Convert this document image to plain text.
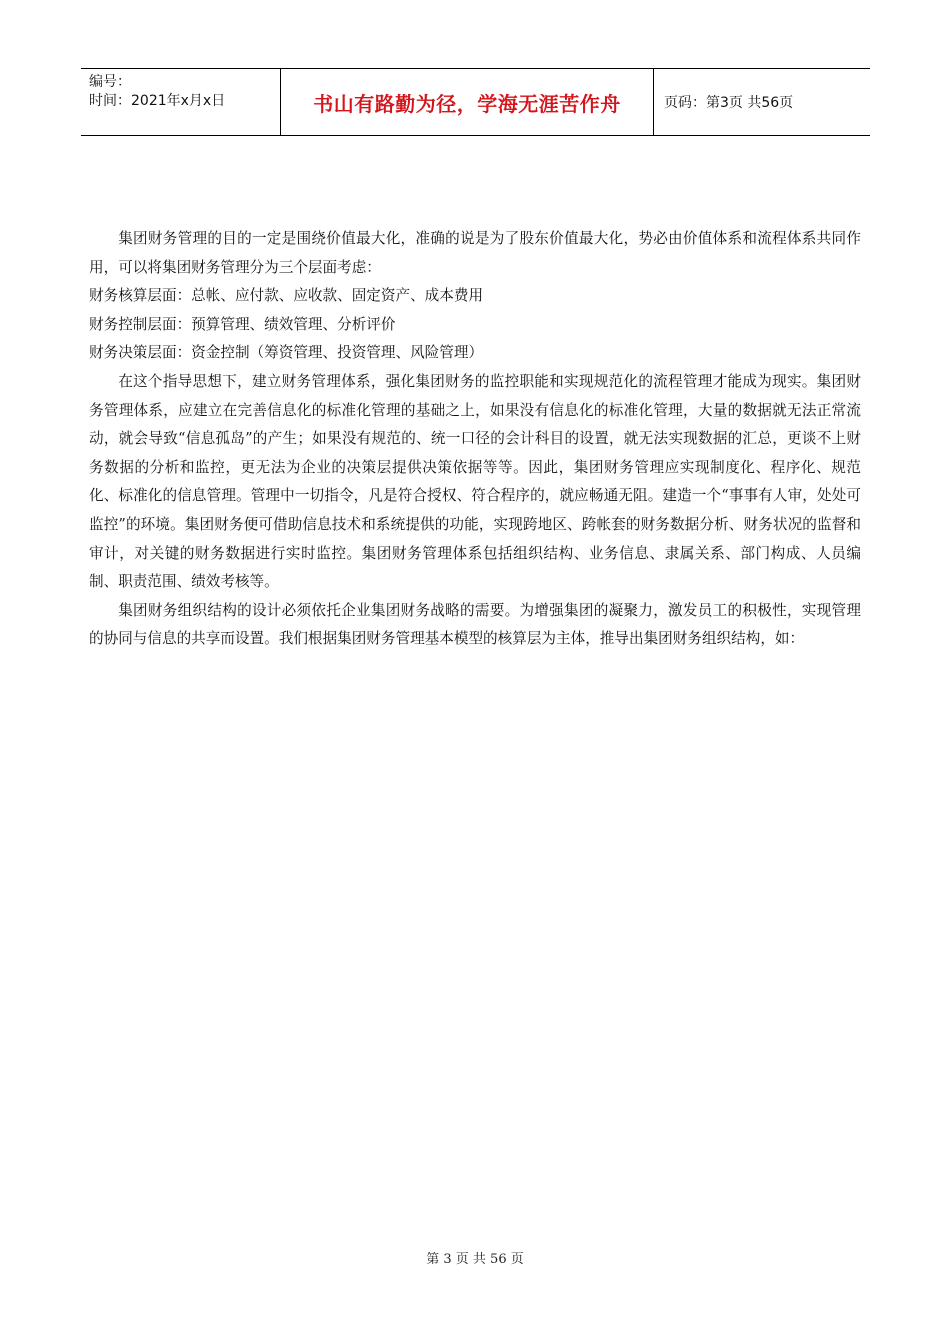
编号：
时间：2021年x月x日	书山有路勤为径，学海无涯苦作舟	页码：第3页 共56页

集团财务管理的目的一定是围绕价值最大化，准确的说是为了股东价值最大化，势必由价值体系和流程体系共同作用，可以将集团财务管理分为三个层面考虑：

财务核算层面：总帐、应付款、应收款、固定资产、成本费用

财务控制层面：预算管理、绩效管理、分析评价

财务决策层面：资金控制（筹资管理、投资管理、风险管理）

在这个指导思想下，建立财务管理体系，强化集团财务的监控职能和实现规范化的流程管理才能成为现实。集团财务管理体系，应建立在完善信息化的标准化管理的基础之上，如果没有信息化的标准化管理，大量的数据就无法正常流动，就会导致“信息孤岛”的产生；如果没有规范的、统一口径的会计科目的设置，就无法实现数据的汇总，更谈不上财务数据的分析和监控，更无法为企业的决策层提供决策依据等等。因此，集团财务管理应实现制度化、程序化、规范化、标准化的信息管理。管理中一切指令，凡是符合授权、符合程序的，就应畅通无阻。建造一个“事事有人审，处处可监控”的环境。集团财务便可借助信息技术和系统提供的功能，实现跨地区、跨帐套的财务数据分析、财务状况的监督和审计，对关键的财务数据进行实时监控。集团财务管理体系包括组织结构、业务信息、隶属关系、部门构成、人员编制、职责范围、绩效考核等。

集团财务组织结构的设计必须依托企业集团财务战略的需要。为增强集团的凝聚力，激发员工的积极性，实现管理的协同与信息的共享而设置。我们根据集团财务管理基本模型的核算层为主体，推导出集团财务组织结构，如：

第 3 页 共 56 页
